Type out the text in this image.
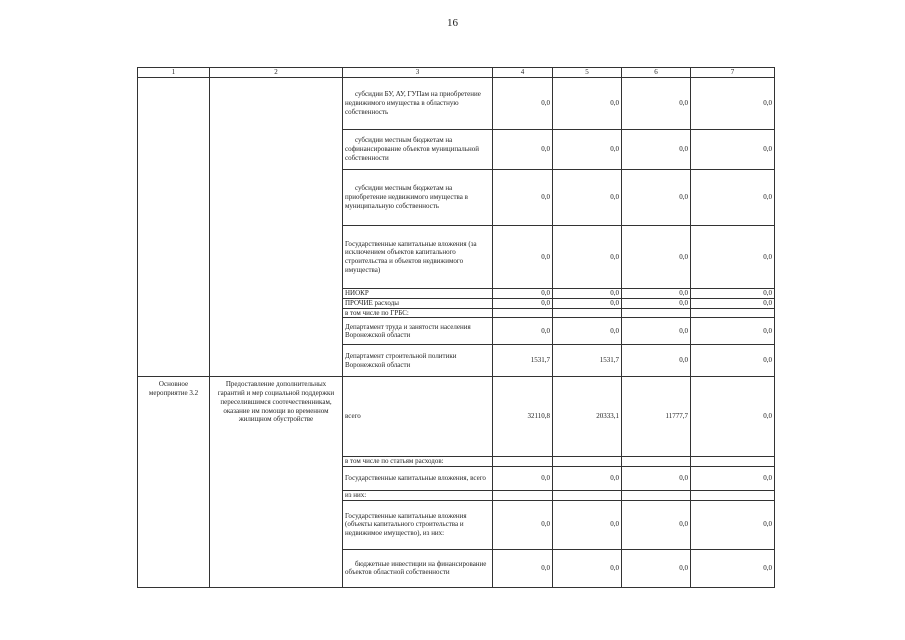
16
1	2	3	4	5	6	7
		субсидии БУ, АУ, ГУПам на приобретение недвижимого имущества в областную собственность	0,0	0,0	0,0	0,0
		субсидии местным бюджетам на софинансирование объектов муниципальной собственности	0,0	0,0	0,0	0,0
		субсидии местным бюджетам на приобретение недвижимого имущества в муниципальную собственность	0,0	0,0	0,0	0,0
		Государственные капитальные вложения (за исключением объектов капитального строительства и объектов недвижимого имущества)	0,0	0,0	0,0	0,0
		НИОКР	0,0	0,0	0,0	0,0
		ПРОЧИЕ расходы	0,0	0,0	0,0	0,0
		в том числе по ГРБС:				
		Департамент труда и занятости населения Воронежской области	0,0	0,0	0,0	0,0
		Департамент строительной политики Воронежской области	1531,7	1531,7	0,0	0,0
Основное мероприятие 3.2	Предоставление дополнительных гарантий и мер социальной поддержки переселившимся соотечественникам, оказание им помощи во временном жилищном обустройстве	всего	32110,8	20333,1	11777,7	0,0
		в том числе по статьям расходов:				
		Государственные капитальные вложения, всего	0,0	0,0	0,0	0,0
		из них:				
		Государственные капитальные вложения (объекты капитального строительства и недвижимое имущество), из них:	0,0	0,0	0,0	0,0
		бюджетные инвестиции на финансирование объектов областной собственности	0,0	0,0	0,0	0,0
